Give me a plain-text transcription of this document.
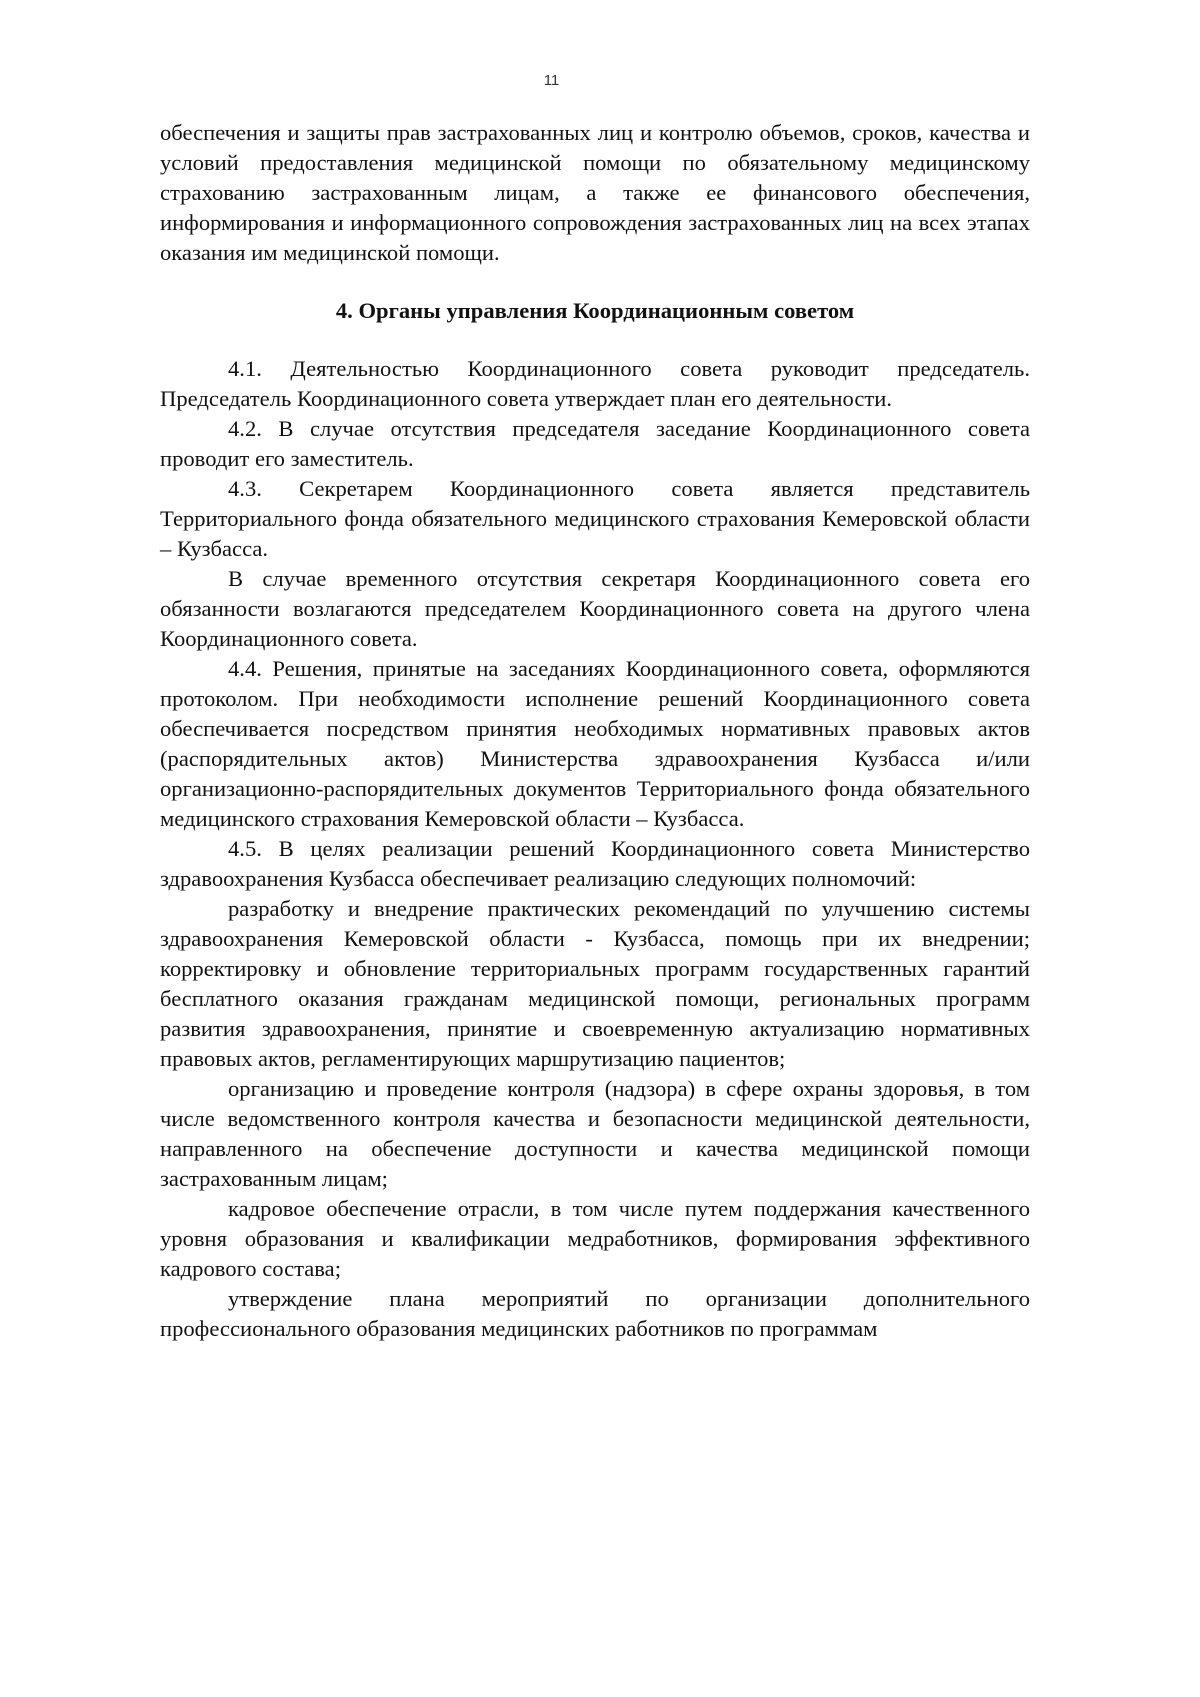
11

обеспечения и защиты прав застрахованных лиц и контролю объемов, сроков, качества и условий предоставления медицинской помощи по обязательному медицинскому страхованию застрахованным лицам, а также ее финансового обеспечения, информирования и информационного сопровождения застрахованных лиц на всех этапах оказания им медицинской помощи.

4. Органы управления Координационным советом

4.1. Деятельностью Координационного совета руководит председатель. Председатель Координационного совета утверждает план его деятельности.

4.2. В случае отсутствия председателя заседание Координационного совета проводит его заместитель.

4.3. Секретарем Координационного совета является представитель Территориального фонда обязательного медицинского страхования Кемеровской области – Кузбасса.

В случае временного отсутствия секретаря Координационного совета его обязанности возлагаются председателем Координационного совета на другого члена Координационного совета.

4.4. Решения, принятые на заседаниях Координационного совета, оформляются протоколом. При необходимости исполнение решений Координационного совета обеспечивается посредством принятия необходимых нормативных правовых актов (распорядительных актов) Министерства здравоохранения Кузбасса и/или организационно-распорядительных документов Территориального фонда обязательного медицинского страхования Кемеровской области – Кузбасса.

4.5. В целях реализации решений Координационного совета Министерство здравоохранения Кузбасса обеспечивает реализацию следующих полномочий:

разработку и внедрение практических рекомендаций по улучшению системы здравоохранения Кемеровской области - Кузбасса, помощь при их внедрении; корректировку и обновление территориальных программ государственных гарантий бесплатного оказания гражданам медицинской помощи, региональных программ развития здравоохранения, принятие и своевременную актуализацию нормативных правовых актов, регламентирующих маршрутизацию пациентов;

организацию и проведение контроля (надзора) в сфере охраны здоровья, в том числе ведомственного контроля качества и безопасности медицинской деятельности, направленного на обеспечение доступности и качества медицинской помощи застрахованным лицам;

кадровое обеспечение отрасли, в том числе путем поддержания качественного уровня образования и квалификации медработников, формирования эффективного кадрового состава;

утверждение плана мероприятий по организации дополнительного профессионального образования медицинских работников по программам
